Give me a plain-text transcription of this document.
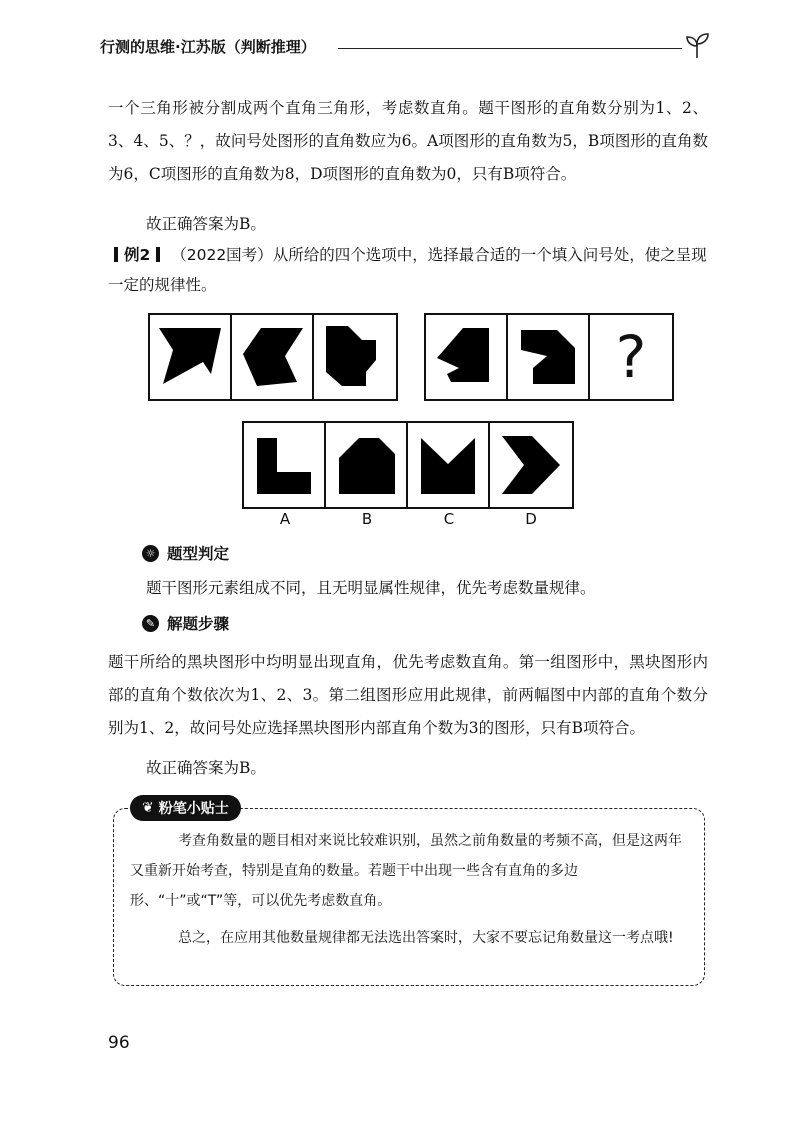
行测的思维·江苏版（判断推理）

一个三角形被分割成两个直角三角形，考虑数直角。题干图形的直角数分别为1、2、3、4、5、？，故问号处图形的直角数应为6。A项图形的直角数为5，B项图形的直角数为6，C项图形的直角数为8，D项图形的直角数为0，只有B项符合。

故正确答案为B。

例2 （2022国考）从所给的四个选项中，选择最合适的一个填入问号处，使之呈现一定的规律性。
?
A	B	C	D
☼ 题型判定

题干图形元素组成不同，且无明显属性规律，优先考虑数量规律。

✎ 解题步骤

题干所给的黑块图形中均明显出现直角，优先考虑数直角。第一组图形中，黑块图形内部的直角个数依次为1、2、3。第二组图形应用此规律，前两幅图中内部的直角个数分别为1、2，故问号处应选择黑块图形内部直角个数为3的图形，只有B项符合。

故正确答案为B。

❦ 粉笔小贴士

考查角数量的题目相对来说比较难识别，虽然之前角数量的考频不高，但是这两年又重新开始考查，特别是直角的数量。若题干中出现一些含有直角的多边形、“十”或“T”等，可以优先考虑数直角。

总之，在应用其他数量规律都无法选出答案时，大家不要忘记角数量这一考点哦!

96
